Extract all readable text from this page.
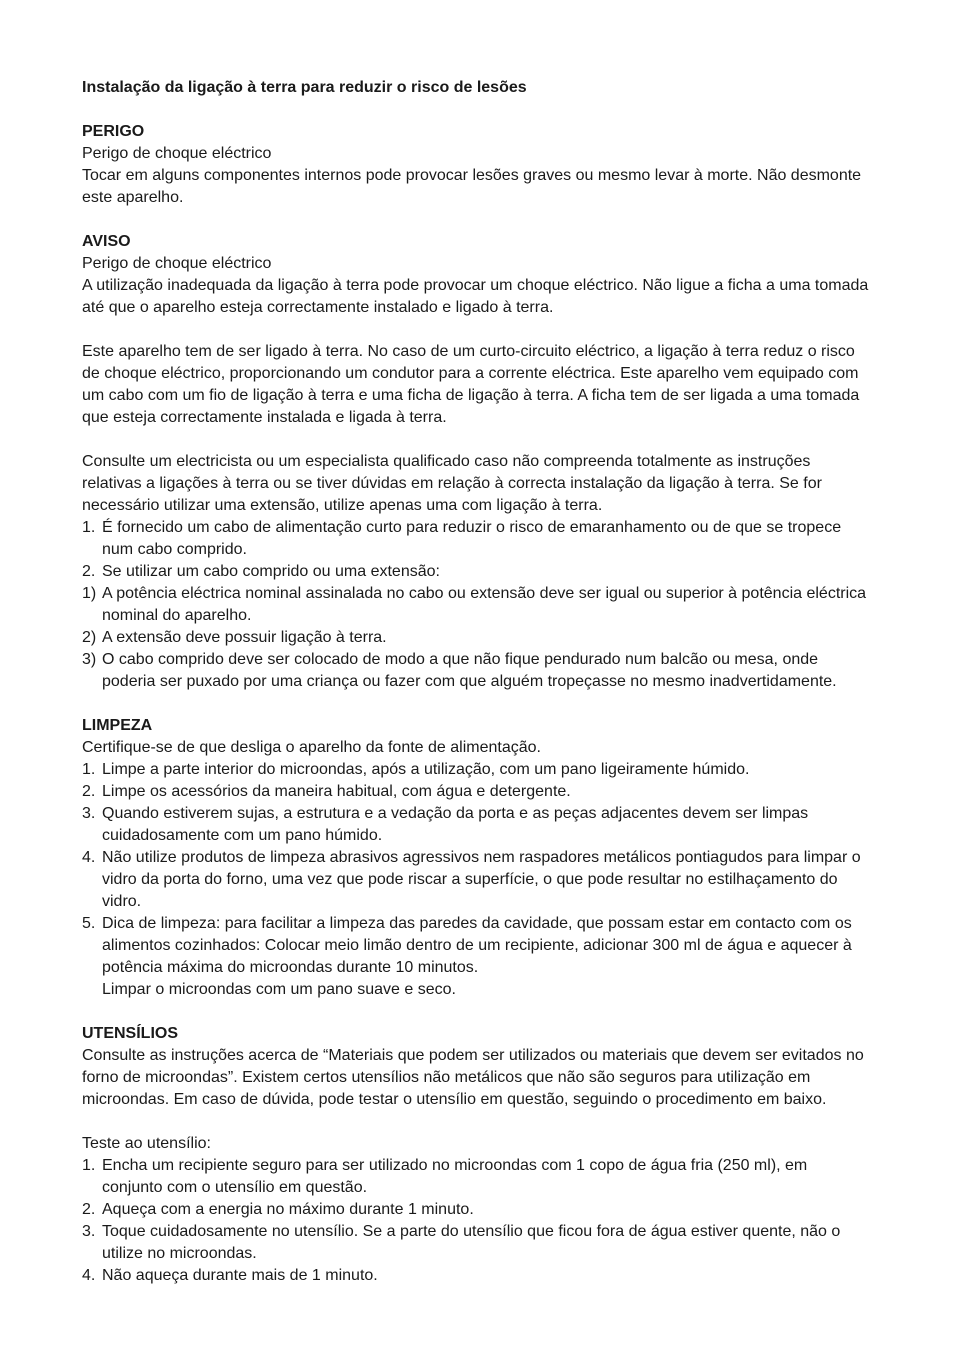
Instalação da ligação à terra para reduzir o risco de lesões

PERIGO

Perigo de choque eléctrico

Tocar em alguns componentes internos pode provocar lesões graves ou mesmo levar à morte. Não desmonte este aparelho.

AVISO

Perigo de choque eléctrico

A utilização inadequada da ligação à terra pode provocar um choque eléctrico. Não ligue a ficha a uma tomada até que o aparelho esteja correctamente instalado e ligado à terra.

Este aparelho tem de ser ligado à terra. No caso de um curto-circuito eléctrico, a ligação à terra reduz o risco de choque eléctrico, proporcionando um condutor para a corrente eléctrica. Este aparelho vem equipado com um cabo com um fio de ligação à terra e uma ficha de ligação à terra. A ficha tem de ser ligada a uma tomada que esteja correctamente instalada e ligada à terra.

Consulte um electricista ou um especialista qualificado caso não compreenda totalmente as instruções relativas a ligações à terra ou se tiver dúvidas em relação à correcta instalação da ligação à terra. Se for necessário utilizar uma extensão, utilize apenas uma com ligação à terra.

1. É fornecido um cabo de alimentação curto para reduzir o risco de emaranhamento ou de que se tropece num cabo comprido.
2. Se utilizar um cabo comprido ou uma extensão:
1) A potência eléctrica nominal assinalada no cabo ou extensão deve ser igual ou superior à potência eléctrica nominal do aparelho.
2) A extensão deve possuir ligação à terra.
3) O cabo comprido deve ser colocado de modo a que não fique pendurado num balcão ou mesa, onde poderia ser puxado por uma criança ou fazer com que alguém tropeçasse no mesmo inadvertidamente.

LIMPEZA

Certifique-se de que desliga o aparelho da fonte de alimentação.

1. Limpe a parte interior do microondas, após a utilização, com um pano ligeiramente húmido.
2. Limpe os acessórios da maneira habitual, com água e detergente.
3. Quando estiverem sujas, a estrutura e a vedação da porta e as peças adjacentes devem ser limpas cuidadosamente com um pano húmido.
4. Não utilize produtos de limpeza abrasivos agressivos nem raspadores metálicos pontiagudos para limpar o vidro da porta do forno, uma vez que pode riscar a superfície, o que pode resultar no estilhaçamento do vidro.
5. Dica de limpeza: para facilitar a limpeza das paredes da cavidade, que possam estar em contacto com os alimentos cozinhados: Colocar meio limão dentro de um recipiente, adicionar 300 ml de água e aquecer à potência máxima do microondas durante 10 minutos.
Limpar o microondas com um pano suave e seco.

UTENSÍLIOS

Consulte as instruções acerca de “Materiais que podem ser utilizados ou materiais que devem ser evitados no forno de microondas”. Existem certos utensílios não metálicos que não são seguros para utilização em microondas. Em caso de dúvida, pode testar o utensílio em questão, seguindo o procedimento em baixo.

Teste ao utensílio:

1. Encha um recipiente seguro para ser utilizado no microondas com 1 copo de água fria (250 ml), em conjunto com o utensílio em questão.
2. Aqueça com a energia no máximo durante 1 minuto.
3. Toque cuidadosamente no utensílio. Se a parte do utensílio que ficou fora de água estiver quente, não o utilize no microondas.
4. Não aqueça durante mais de 1 minuto.
